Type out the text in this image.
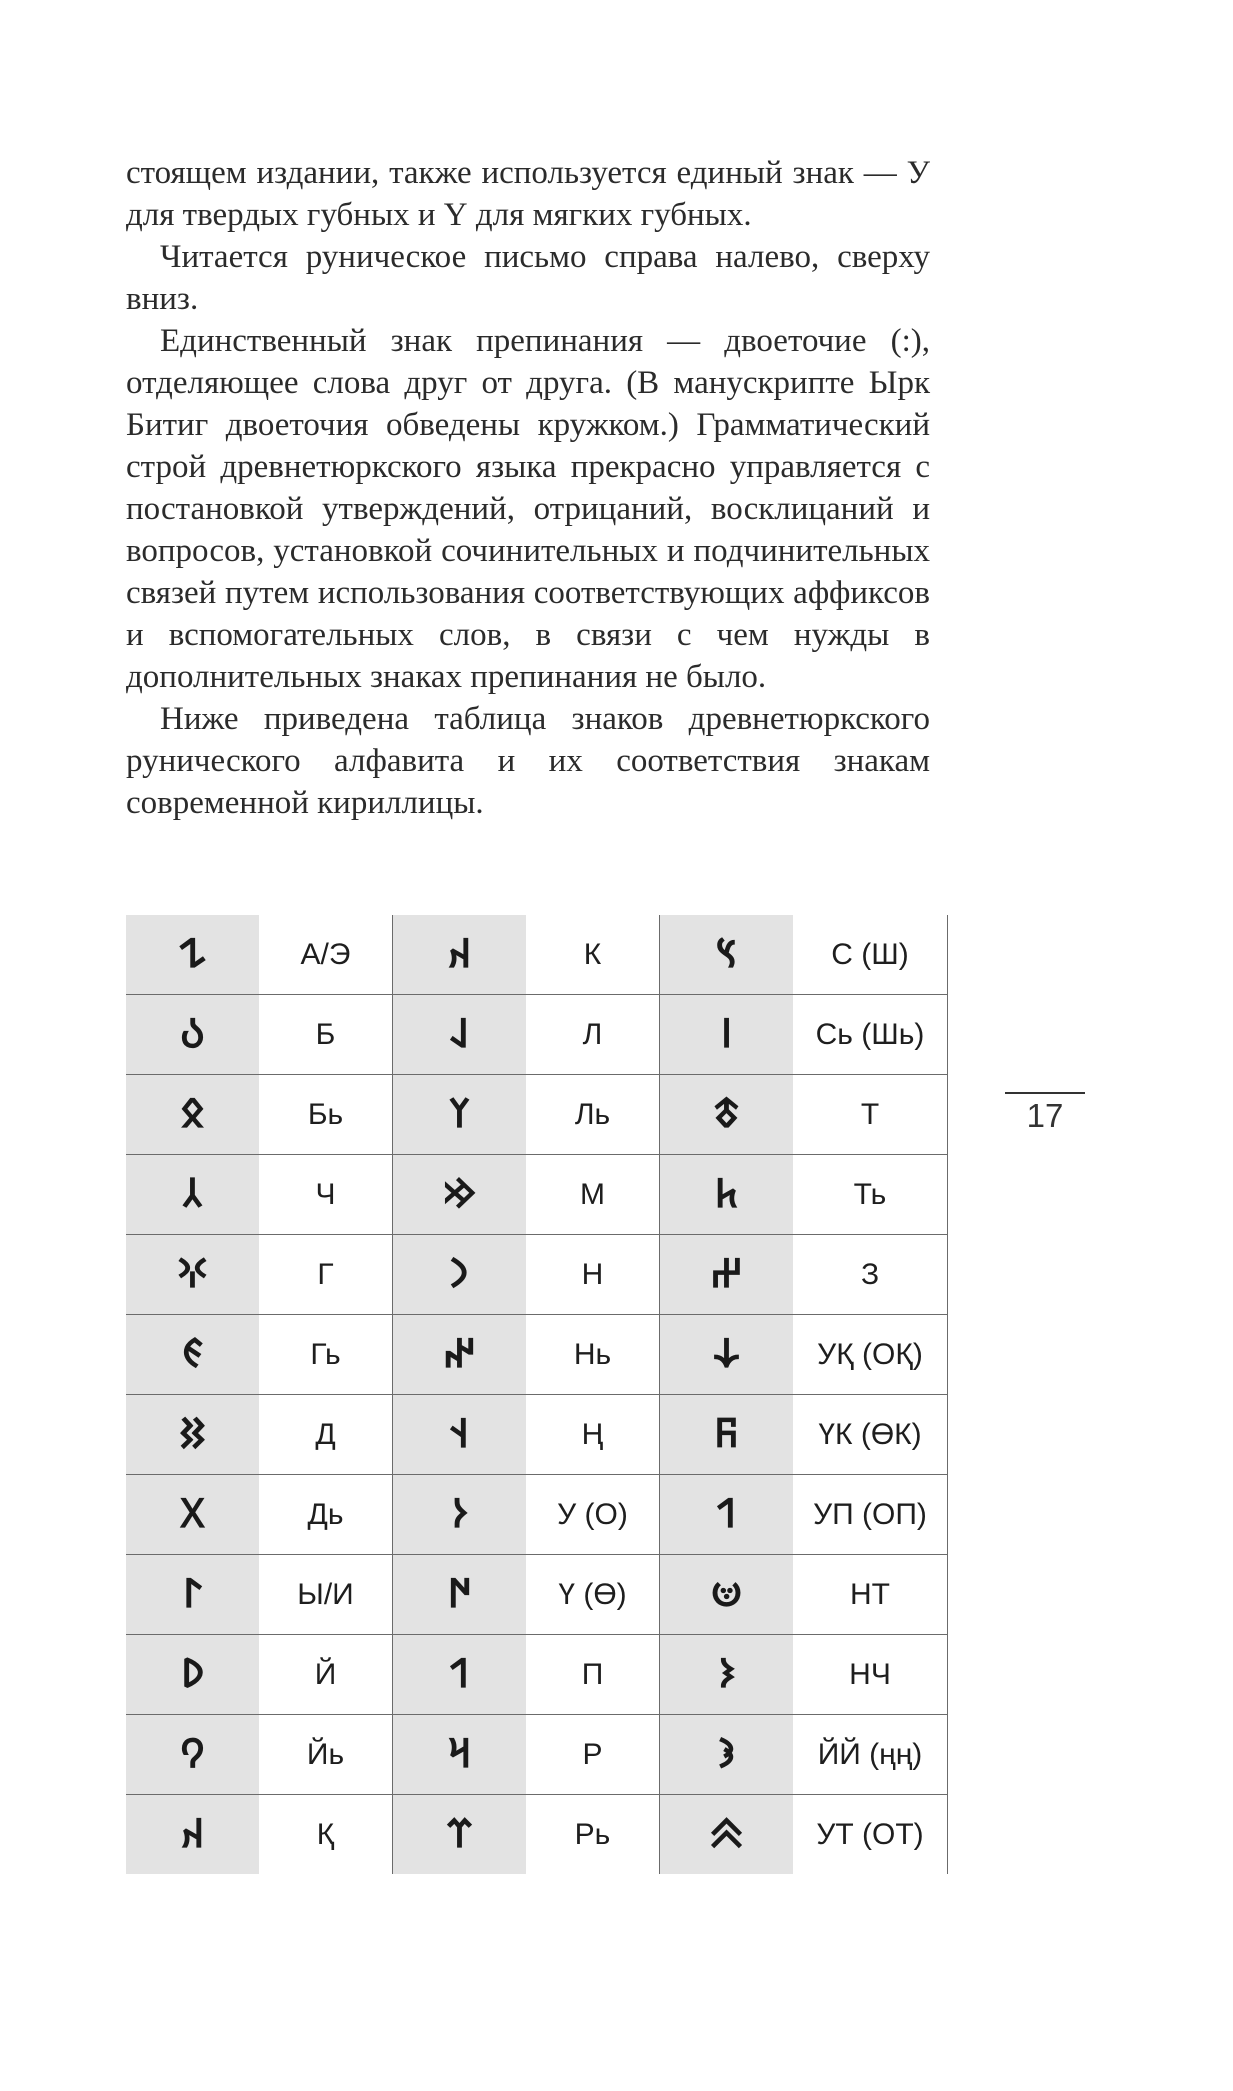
стоящем издании, также используется единый знак — У для твердых губных и Ү для мягких губных.

Читается руническое письмо справа налево, сверху вниз.

Единственный знак препинания — двоеточие (:), отделяющее слова друг от друга. (В манускрипте Ырк Битиг двоеточия обведены кружком.) Грамматический строй древнетюркского языка прекрасно управляется с постановкой утверждений, отрицаний, восклицаний и вопросов, установкой сочинительных и подчинительных связей путем использования соответствующих аффиксов и вспомогательных слов, в связи с чем нужды в дополнительных знаках препинания не было.

Ниже приведена таблица знаков древнетюркского рунического алфавита и их соответствия знакам современной кириллицы.

17
𐰁	А/Э	𐰴	К	𐰽	С (Ш)
𐰉	Б	𐰞	Л	𐰾	Сь (Шь)
𐰋	Бь	𐰠	Ль	𐱃	Т
𐰲	Ч	𐰢	М	𐱅	Ть
𐰍	Г	𐰣	Н	𐰔	З
𐰏	Гь	𐰤	Нь	𐰸	УҚ (ОҚ)
𐰑	Д	𐰭	Ң	𐰜	ҮК (ӨК)
𐰓	Дь	𐰆	У (О)	𐰯	УП (ОП)
𐰃	Ы/И	𐰇	Ү (Ө)	𐰦	НТ
𐰖	Й	𐰯	П	𐰨	НЧ
𐰘	Йь	𐰺	Р	𐰪	ЙЙ (ңң)
𐰴	Қ	𐰼	Рь	𐱄	УТ (ОТ)
